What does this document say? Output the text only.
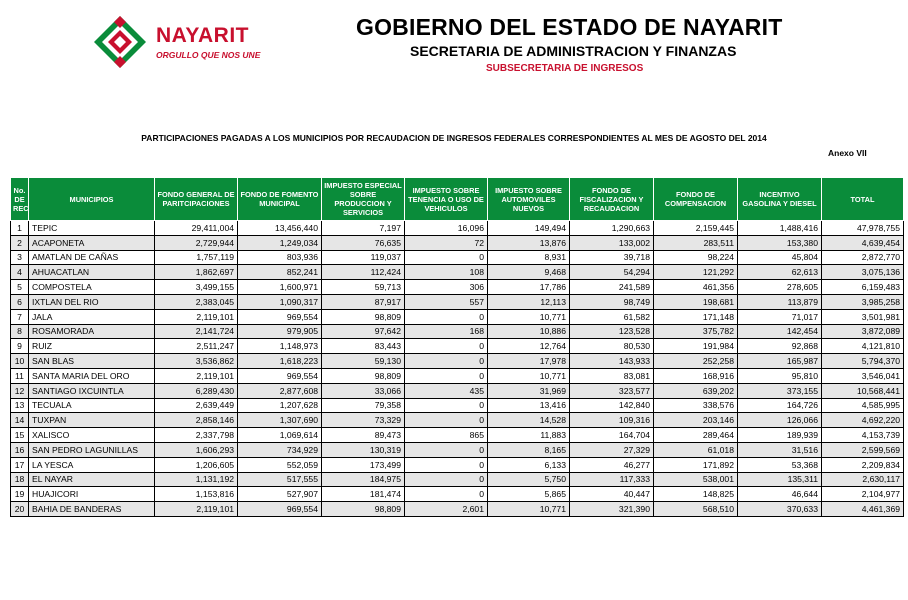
NAYARIT
ORGULLO QUE NOS UNE
GOBIERNO DEL ESTADO DE NAYARIT
SECRETARIA DE ADMINISTRACION Y FINANZAS
SUBSECRETARIA DE INGRESOS
PARTICIPACIONES PAGADAS A LOS MUNICIPIOS POR RECAUDACION DE INGRESOS FEDERALES CORRESPONDIENTES AL MES DE AGOSTO DEL 2014
Anexo VII
No. DE REC	MUNICIPIOS	FONDO GENERAL DE PARITCIPACIONES	FONDO DE FOMENTO MUNICIPAL	IMPUESTO ESPECIAL SOBRE PRODUCCION Y SERVICIOS	IMPUESTO SOBRE TENENCIA O USO DE VEHICULOS	IMPUESTO SOBRE AUTOMOVILES NUEVOS	FONDO DE FISCALIZACION Y RECAUDACION	FONDO DE COMPENSACION	INCENTIVO GASOLINA Y DIESEL	TOTAL
1	TEPIC	29,411,004	13,456,440	7,197	16,096	149,494	1,290,663	2,159,445	1,488,416	47,978,755
2	ACAPONETA	2,729,944	1,249,034	76,635	72	13,876	133,002	283,511	153,380	4,639,454
3	AMATLAN DE CAÑAS	1,757,119	803,936	119,037	0	8,931	39,718	98,224	45,804	2,872,770
4	AHUACATLAN	1,862,697	852,241	112,424	108	9,468	54,294	121,292	62,613	3,075,136
5	COMPOSTELA	3,499,155	1,600,971	59,713	306	17,786	241,589	461,356	278,605	6,159,483
6	IXTLAN DEL RIO	2,383,045	1,090,317	87,917	557	12,113	98,749	198,681	113,879	3,985,258
7	JALA	2,119,101	969,554	98,809	0	10,771	61,582	171,148	71,017	3,501,981
8	ROSAMORADA	2,141,724	979,905	97,642	168	10,886	123,528	375,782	142,454	3,872,089
9	RUIZ	2,511,247	1,148,973	83,443	0	12,764	80,530	191,984	92,868	4,121,810
10	SAN BLAS	3,536,862	1,618,223	59,130	0	17,978	143,933	252,258	165,987	5,794,370
11	SANTA MARIA DEL ORO	2,119,101	969,554	98,809	0	10,771	83,081	168,916	95,810	3,546,041
12	SANTIAGO IXCUINTLA	6,289,430	2,877,608	33,066	435	31,969	323,577	639,202	373,155	10,568,441
13	TECUALA	2,639,449	1,207,628	79,358	0	13,416	142,840	338,576	164,726	4,585,995
14	TUXPAN	2,858,146	1,307,690	73,329	0	14,528	109,316	203,146	126,066	4,692,220
15	XALISCO	2,337,798	1,069,614	89,473	865	11,883	164,704	289,464	189,939	4,153,739
16	SAN PEDRO LAGUNILLAS	1,606,293	734,929	130,319	0	8,165	27,329	61,018	31,516	2,599,569
17	LA YESCA	1,206,605	552,059	173,499	0	6,133	46,277	171,892	53,368	2,209,834
18	EL NAYAR	1,131,192	517,555	184,975	0	5,750	117,333	538,001	135,311	2,630,117
19	HUAJICORI	1,153,816	527,907	181,474	0	5,865	40,447	148,825	46,644	2,104,977
20	BAHIA DE BANDERAS	2,119,101	969,554	98,809	2,601	10,771	321,390	568,510	370,633	4,461,369
